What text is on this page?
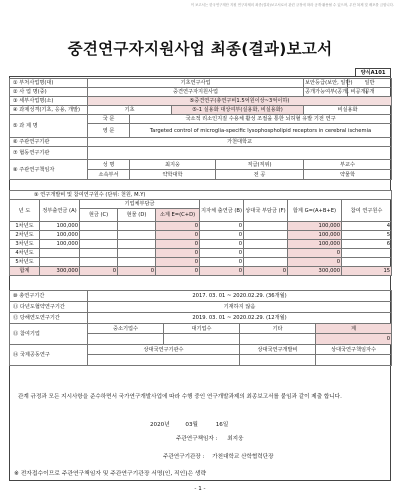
이 보고서는 한국연구재단 지원 연구과제의 최종(결과)보고서로서 관련 규정에 따라 공개·활용될 수 있으며, 무단 복제 및 배포를 금합니다.
중견연구자지원사업 최종(결과)보고서
양식A101
① 부처사업명(대)	기초연구사업				보안등급(보안, 일반)	일반
② 사 업 명(중)	중견연구자지원사업				공개가능여부(공개, 비공개)	공개
③ 세부사업명(소)	⑤중견연구(총연구비1.5억원이상~3억이하)					
④ 과제성격(기초, 응용, 개발)	기초		⑤-1 실용화 대상여부(실용화, 비실용화)		비실용화	
⑤ 과 제 명	국 문	국소적 리소인지질 수용체 활성 조절을 통한 뇌허혈 유발 기전 연구				
	영 문	Targeted control of microglia-specific lysophospholipid receptors in cerebral ischemia				
⑥ 주관연구기관	가천대학교					
⑦ 협동연구기관						
⑧ 주관연구책임자	성 명	최지웅		직급(직위)	부교수	
	소속부서	약학대학		전 공	약물학	
⑨ 연구개발비 및 참여연구원수 (단위: 천원, M.Y)								
년 도	정부출연금 (A)	기업체부담금			지자체 출연금 (B)	상대국 부담금 (F)	합계 G=(A+B+E)	참여 연구원수
		현금 (C)	현물 (D)	소계 E=(C+D)				
1차년도	100,000			0	0		100,000	4
2차년도	100,000			0	0		100,000	5
3차년도	100,000			0	0		100,000	6
4차년도				0	0		0	
5차년도				0	0		0	
합계	300,000	0	0	0	0	0	300,000	15
⑩ 총연구기간	2017. 03. 01 ~ 2020.02.29. (36개월)			
⑪ 다년도협약연구기간	기재하지 않음			
⑫ 당해연도연구기간	2019. 03. 01 ~ 2020.02.29. (12개월)			
⑬ 참여기업	중소기업수	대기업수	기타	계
				0
⑭ 국제공동연구	상대국연구기관수		상대국연구개발비	상대국연구책임자수

관계 규정과 모든 지시사항을 준수하면서 국가연구개발사업에 따라 수행 중인 연구개발과제의 최종보고서를 붙임과 같이 제출 합니다.
2020년	03월	16일
주관연구책임자 : 최지웅
주관연구기관장 : 가천대학교 산학협력단장
※ 전자접수이므로 주관연구책임자 및 주관연구기관장 서명(인, 직인)은 생략
- 1 -
